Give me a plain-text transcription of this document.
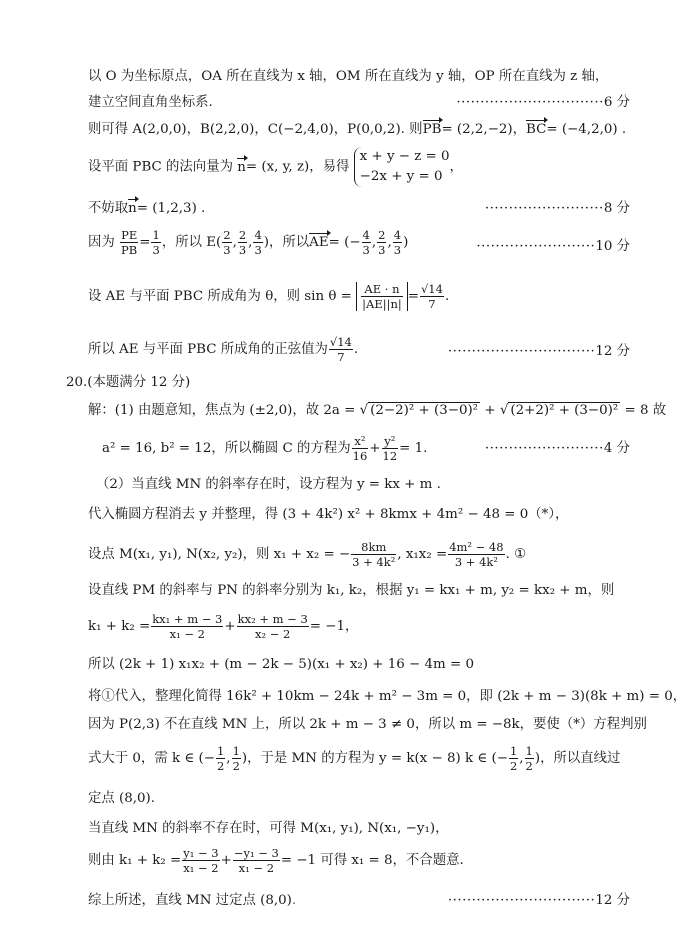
以 O 为坐标原点，OA 所在直线为 x 轴，OM 所在直线为 y 轴，OP 所在直线为 z 轴，
建立空间直角坐标系.	·······························6 分
则可得 A(2,0,0)，B(2,2,0)，C(−2,4,0)，P(0,0,2). 则PB= (2,2,−2)，BC= (−4,2,0) .
设平面 PBC 的法向量为 n= (x, y, z)，易得
x + y − z = 0
−2x + y = 0
，
不妨取n= (1,2,3) .	·························8 分
因为 $\frac{PE}{PB} = \frac{1}{3}$ ，所以 $E( \frac{2}{3}$ , $\frac{2}{3}$ , $\frac{4}{3}$ )，所以AE= (− $\frac{4}{3}$ , $\frac{2}{3}$ , $\frac{4}{3}$ )	·························10 分
设 AE 与平面 PBC 所成角为 θ，则 $\sin \theta = \frac{AE \cdot n}{|AE||n|} = \frac{√14}{7}$ .
所以 AE 与平面 PBC 所成角的正弦值为 $\frac{√14}{7}$ .	·······························12 分
20.(本题满分 12 分)
解：(1) 由题意知，焦点为 (±2,0)，故 2a = √ (2−2)² + (3−0)² + √ (2+2)² + (3−0)² = 8 故
a² = 16, b² = 12，所以椭圆 C 的方程为 $\frac{\text{x²}}{16} + \frac{\text{y²}}{12} = 1$.	·························4 分
（2）当直线 MN 的斜率存在时，设方程为 y = kx + m .
代入椭圆方程消去 y 并整理，得 (3 + 4k²) x² + 8kmx + 4m² − 48 = 0（*），
设点 M(x₁, y₁), N(x₂, y₂)，则 x₁ + x₂ = − $\frac{8km}{\text{3 + 4k²}}$ , $x_1x_2 = \frac{\text{4m² − 48}}{\text{3 + 4k²}}$ . ①
设直线 PM 的斜率与 PN 的斜率分别为 k₁, k₂，根据 y₁ = kx₁ + m, y₂ = kx₂ + m，则
$k_1 + k_2 = \frac{\text{kx₁ + m − 3}}{\text{x₁ − 2}} + \frac{\text{kx₂ + m − 3}}{\text{x₂ − 2}} = -1$，
所以 (2k + 1) x₁x₂ + (m − 2k − 5)(x₁ + x₂) + 16 − 4m = 0
将①代入，整理化简得 16k² + 10km − 24k + m² − 3m = 0，即 (2k + m − 3)(8k + m) = 0，
因为 P(2,3) 不在直线 MN 上，所以 2k + m − 3 ≠ 0，所以 m = −8k，要使（*）方程判别
式大于 0，需 k ∈ (− $\frac{1}{2}$ , $\frac{1}{2}$ )，于是 MN 的方程为 y = k(x − 8) k ∈ (− $\frac{1}{2}$ , $\frac{1}{2}$ )，所以直线过
定点 (8,0).
当直线 MN 的斜率不存在时，可得 M(x₁, y₁), N(x₁, −y₁)，
则由 $k_1 + k_2 = \frac{\text{y₁ − 3}}{\text{x₁ − 2}} + \frac{\text{−y₁ − 3}}{\text{x₁ − 2}} = -1$ 可得 x₁ = 8，不合题意.
综上所述，直线 MN 过定点 (8,0).	·······························12 分
